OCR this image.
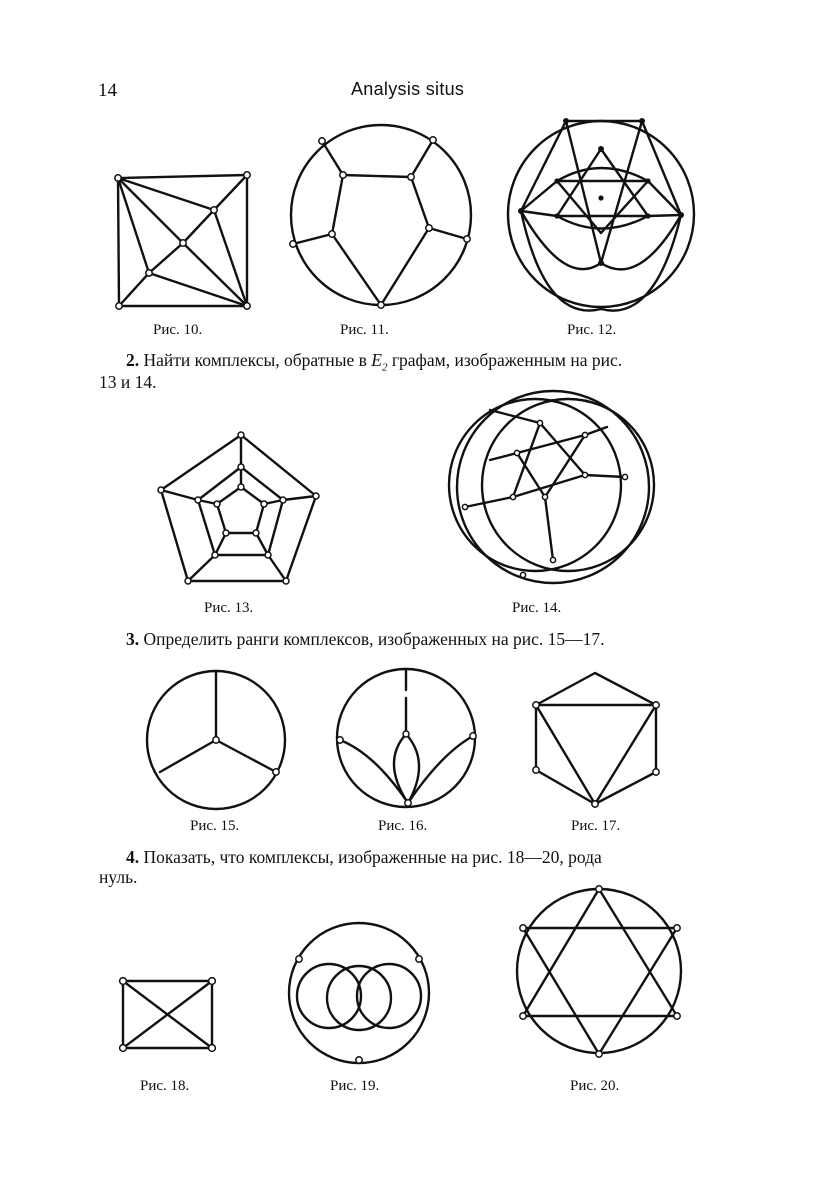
14	Analysis situs
Рис. 10.	Рис. 11.	Рис. 12.
2. Найти комплексы, обратные в $E_2$ графам, изображенным на рис.
13 и 14.
Рис. 13.	Рис. 14.
3. Определить ранги комплексов, изображенных на рис. 15—17.
Рис. 15.	Рис. 16.	Рис. 17.
4. Показать, что комплексы, изображенные на рис. 18—20, рода
нуль.
Рис. 18.	Рис. 19.	Рис. 20.
